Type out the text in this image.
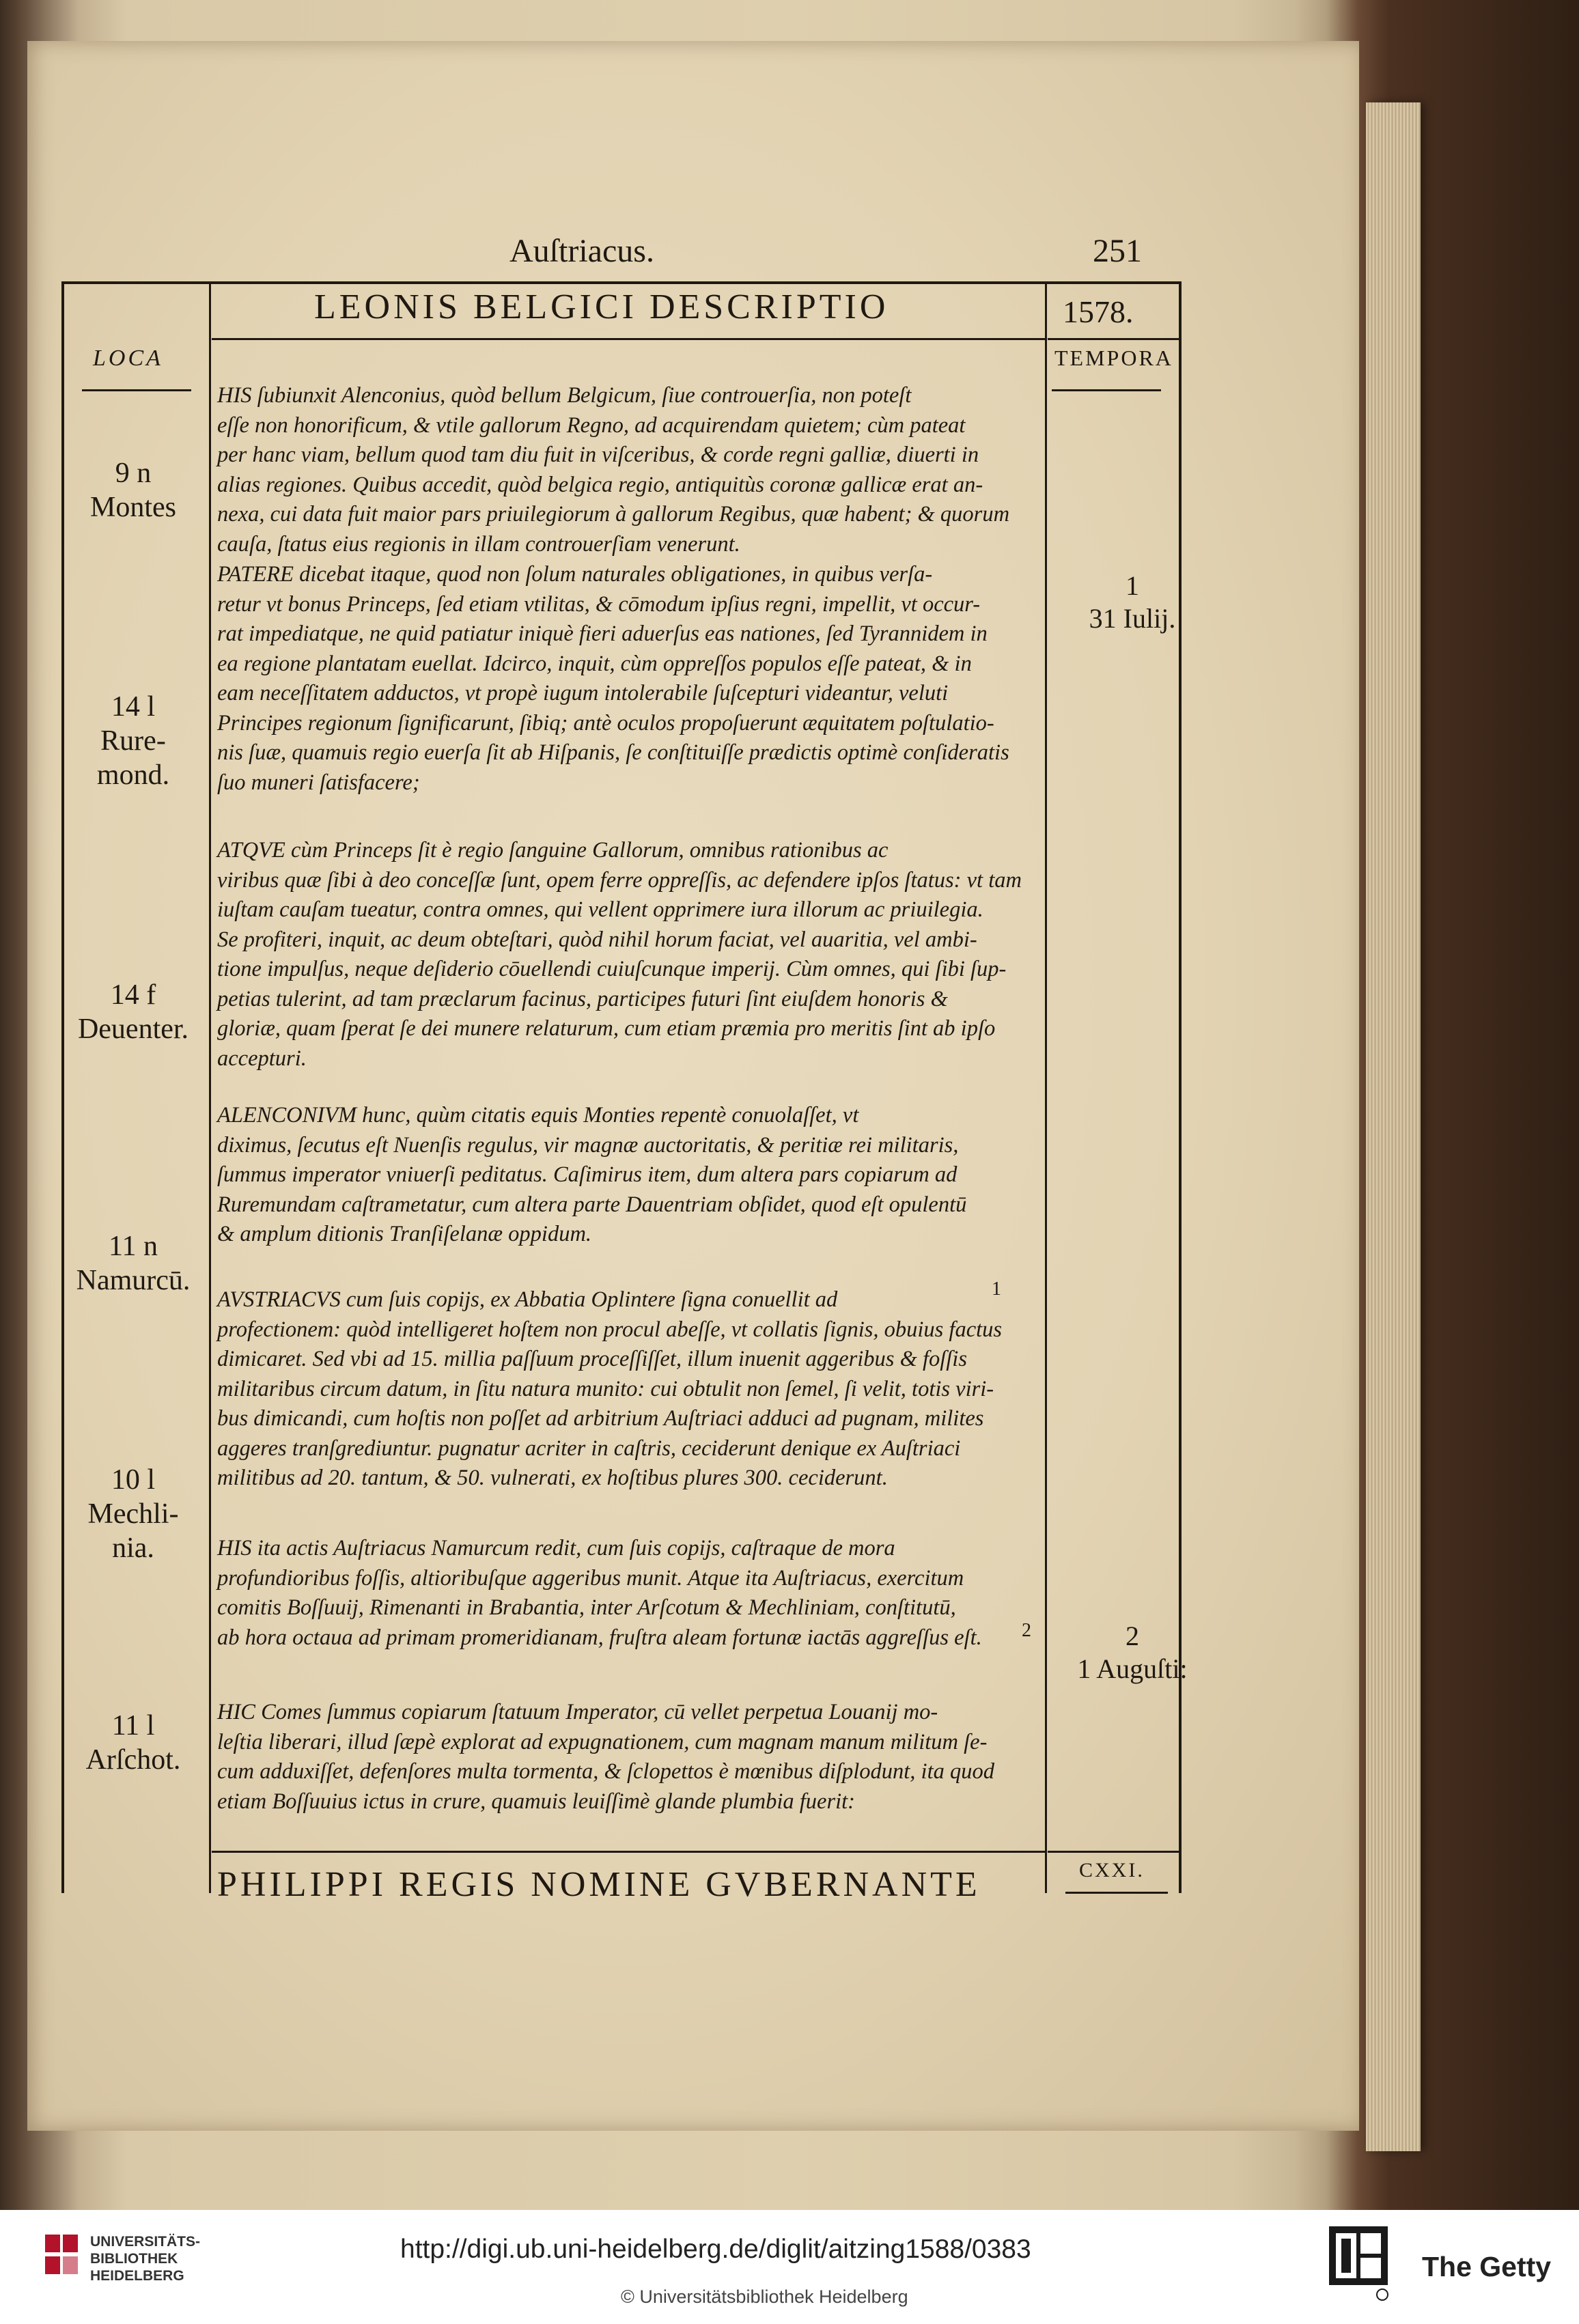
Auſtriacus.	251
LEONIS BELGICI DESCRIPTIO	1578.
LOCA	TEMPORA
9 n
Montes
14 l
Rure-
mond.
14 f
Deuenter.
11 n
Namurcū.
10 l
Mechli-
nia.
11 l
Arſchot.
1
31 Iulij.
2
1 Auguſti:
HIS ſubiunxit Alenconius, quòd bellum Belgicum, ſiue controuerſia, non poteſt
eſſe non honorificum, & vtile gallorum Regno, ad acquirendam quietem; cùm pateat
per hanc viam, bellum quod tam diu fuit in viſceribus, & corde regni galliæ, diuerti in
alias regiones. Quibus accedit, quòd belgica regio, antiquitùs coronæ gallicæ erat an-
nexa, cui data fuit maior pars priuilegiorum à gallorum Regibus, quæ habent; & quorum
cauſa, ſtatus eius regionis in illam controuerſiam venerunt.
PATERE dicebat itaque, quod non ſolum naturales obligationes, in quibus verſa-
retur vt bonus Princeps, ſed etiam vtilitas, & cōmodum ipſius regni, impellit, vt occur-
rat impediatque, ne quid patiatur iniquè fieri aduerſus eas nationes, ſed Tyrannidem in
ea regione plantatam euellat. Idcirco, inquit, cùm oppreſſos populos eſſe pateat, & in
eam neceſſitatem adductos, vt propè iugum intolerabile ſuſcepturi videantur, veluti
Principes regionum ſignificarunt, ſibiq; antè oculos propoſuerunt æquitatem poſtulatio-
nis ſuæ, quamuis regio euerſa ſit ab Hiſpanis, ſe conſtituiſſe prædictis optimè conſideratis
ſuo muneri ſatisfacere;
ATQVE cùm Princeps ſit è regio ſanguine Gallorum, omnibus rationibus ac
viribus quæ ſibi à deo conceſſæ ſunt, opem ferre oppreſſis, ac defendere ipſos ſtatus: vt tam
iuſtam cauſam tueatur, contra omnes, qui vellent opprimere iura illorum ac priuilegia.
Se profiteri, inquit, ac deum obteſtari, quòd nihil horum faciat, vel auaritia, vel ambi-
tione impulſus, neque deſiderio cōuellendi cuiuſcunque imperij. Cùm omnes, qui ſibi ſup-
petias tulerint, ad tam præclarum facinus, participes futuri ſint eiuſdem honoris &
gloriæ, quam ſperat ſe dei munere relaturum, cum etiam præmia pro meritis ſint ab ipſo
accepturi.
ALENCONIVM hunc, quùm citatis equis Monties repentè conuolaſſet, vt
diximus, ſecutus eſt Nuenſis regulus, vir magnæ auctoritatis, & peritiæ rei militaris,
ſummus imperator vniuerſi peditatus. Caſimirus item, dum altera pars copiarum ad
Ruremundam caſtrametatur, cum altera parte Dauentriam obſidet, quod eſt opulentū
& amplum ditionis Tranſiſelanæ oppidum.
AVSTRIACVS cum ſuis copijs, ex Abbatia Oplintere ſigna conuellit ad
profectionem: quòd intelligeret hoſtem non procul abeſſe, vt collatis ſignis, obuius factus
dimicaret. Sed vbi ad 15. millia paſſuum proceſſiſſet, illum inuenit aggeribus & foſſis
militaribus circum datum, in ſitu natura munito: cui obtulit non ſemel, ſi velit, totis viri-
bus dimicandi, cum hoſtis non poſſet ad arbitrium Auſtriaci adduci ad pugnam, milites
aggeres tranſgrediuntur. pugnatur acriter in caſtris, ceciderunt denique ex Auſtriaci
militibus ad 20. tantum, & 50. vulnerati, ex hoſtibus plures 300. ceciderunt.
HIS ita actis Auſtriacus Namurcum redit, cum ſuis copijs, caſtraque de mora
profundioribus foſſis, altioribuſque aggeribus munit. Atque ita Auſtriacus, exercitum
comitis Boſſuuij, Rimenanti in Brabantia, inter Arſcotum & Mechliniam, conſtitutū,
ab hora octaua ad primam promeridianam, fruſtra aleam fortunæ iactās aggreſſus eſt.
HIC Comes ſummus copiarum ſtatuum Imperator, cū vellet perpetua Louanij mo-
leſtia liberari, illud ſæpè explorat ad expugnationem, cum magnam manum militum ſe-
cum adduxiſſet, defenſores multa tormenta, & ſclopettos è mœnibus diſplodunt, ita quod
etiam Boſſuuius ictus in crure, quamuis leuiſſimè glande plumbia fuerit:
1
2
PHILIPPI REGIS NOMINE GVBERNANTE	CXXI.
UNIVERSITÄTS-
BIBLIOTHEK
HEIDELBERG
http://digi.ub.uni-heidelberg.de/diglit/aitzing1588/0383
© Universitätsbibliothek Heidelberg
The Getty
